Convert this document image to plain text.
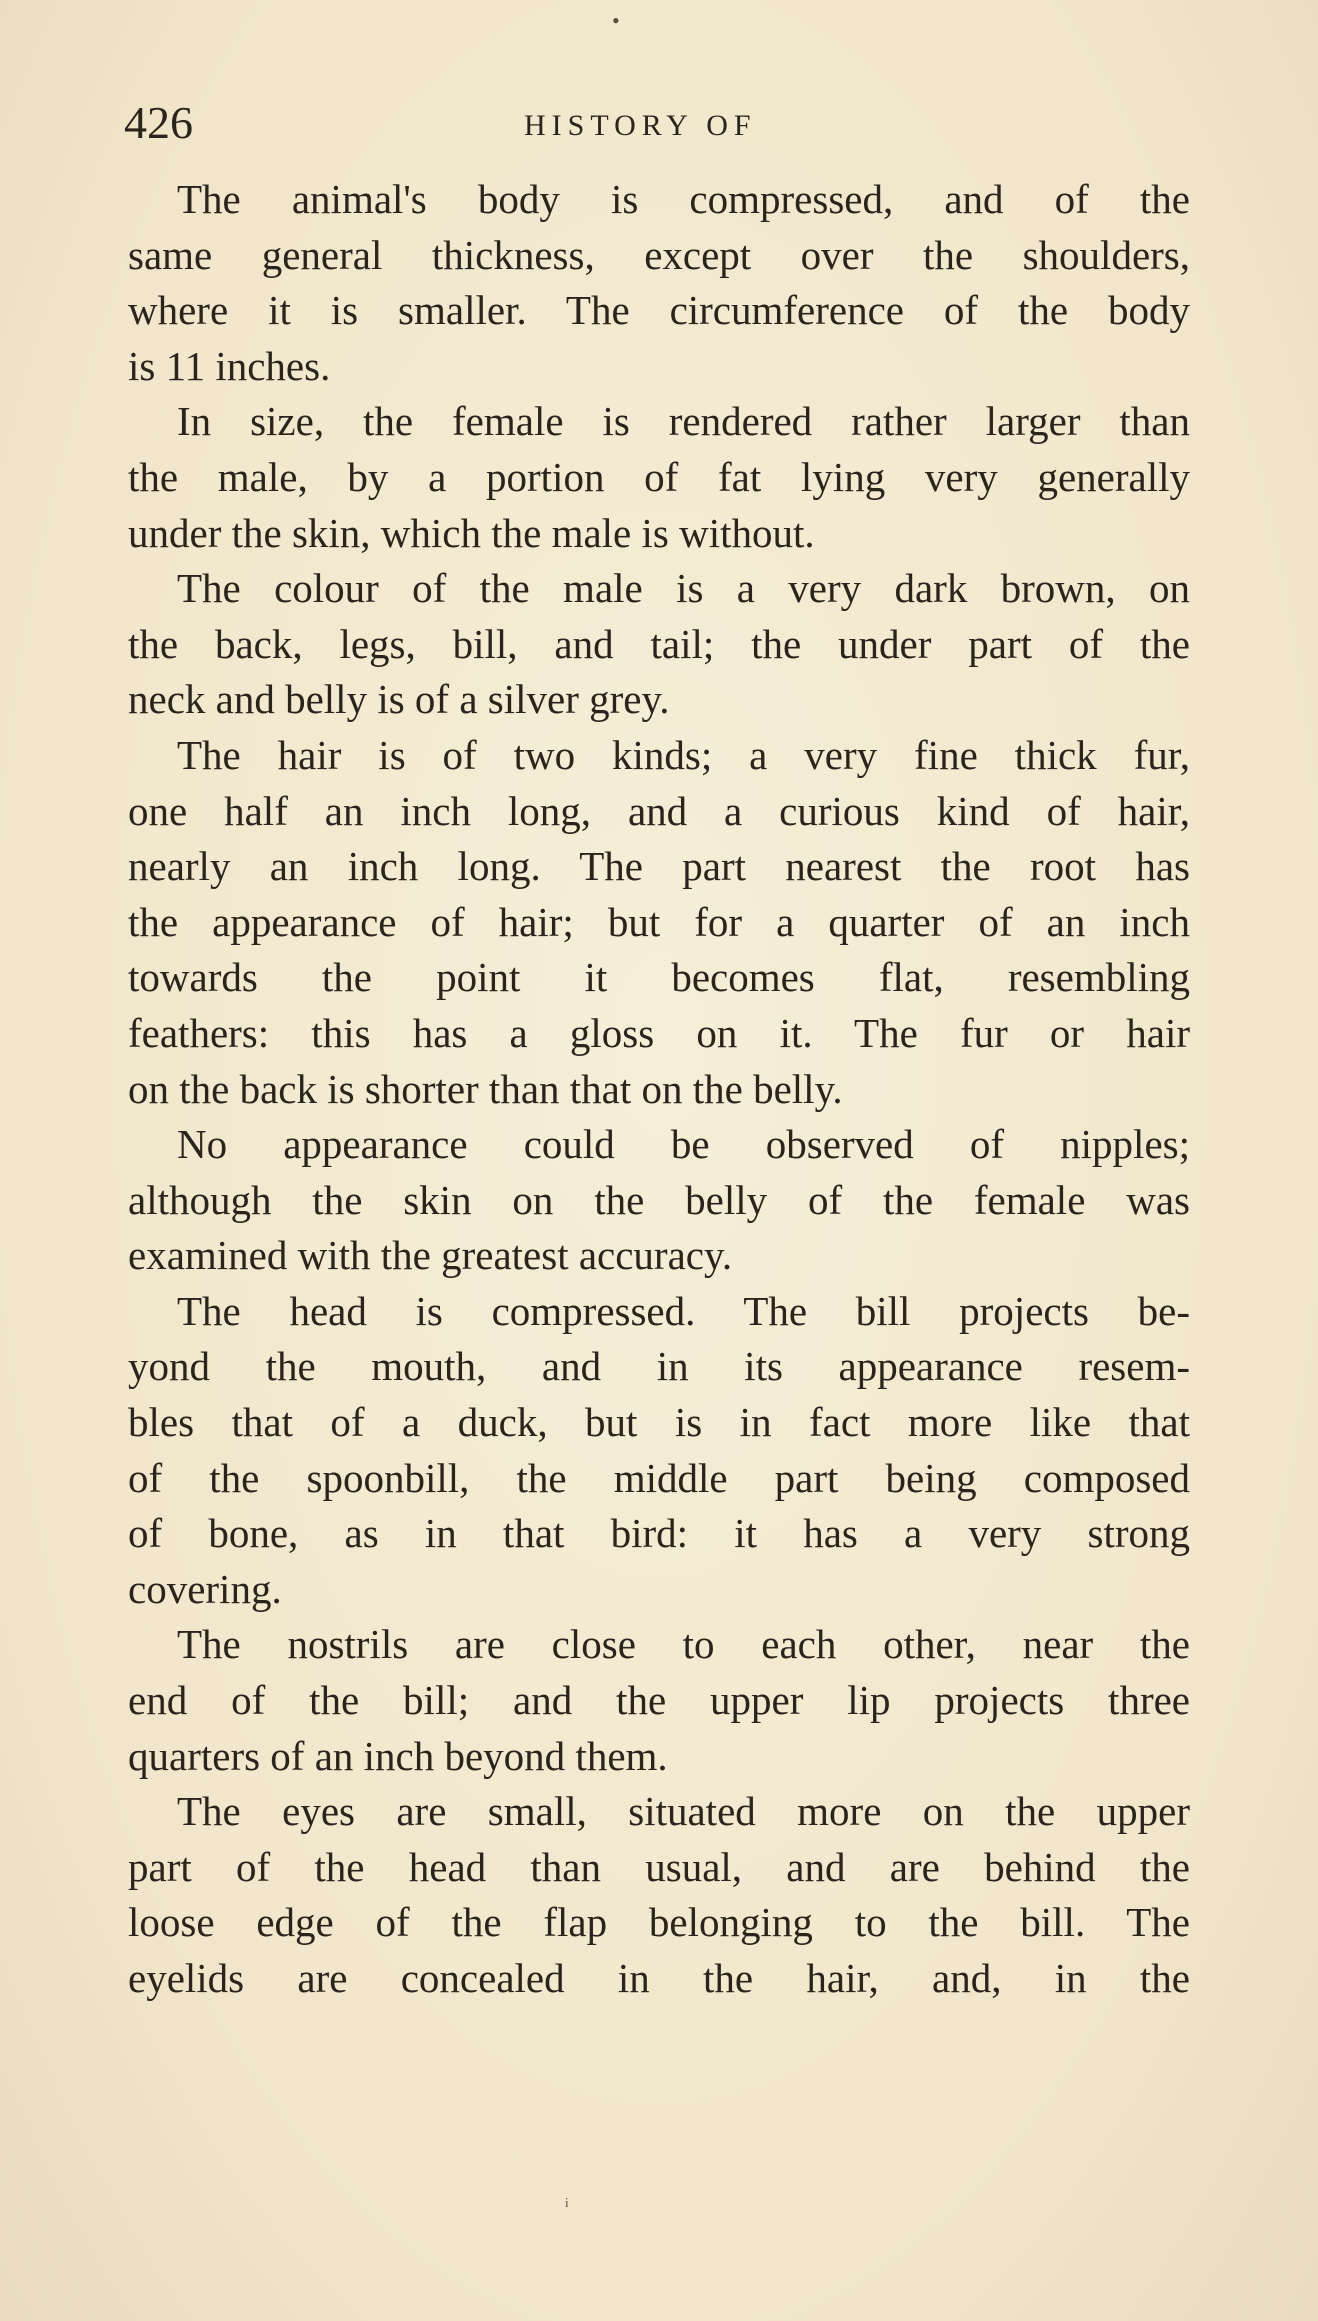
•
426	HISTORY OF
The animal's body is compressed, and of the
same general thickness, except over the shoulders,
where it is smaller. The circumference of the body
is 11 inches.
In size, the female is rendered rather larger than
the male, by a portion of fat lying very generally
under the skin, which the male is without.
The colour of the male is a very dark brown, on
the back, legs, bill, and tail; the under part of the
neck and belly is of a silver grey.
The hair is of two kinds; a very fine thick fur,
one half an inch long, and a curious kind of hair,
nearly an inch long. The part nearest the root has
the appearance of hair; but for a quarter of an inch
towards the point it becomes flat, resembling
feathers: this has a gloss on it. The fur or hair
on the back is shorter than that on the belly.
No appearance could be observed of nipples;
although the skin on the belly of the female was
examined with the greatest accuracy.
The head is compressed. The bill projects be-
yond the mouth, and in its appearance resem-
bles that of a duck, but is in fact more like that
of the spoonbill, the middle part being composed
of bone, as in that bird: it has a very strong
covering.
The nostrils are close to each other, near the
end of the bill; and the upper lip projects three
quarters of an inch beyond them.
The eyes are small, situated more on the upper
part of the head than usual, and are behind the
loose edge of the flap belonging to the bill. The
eyelids are concealed in the hair, and, in the
ᵢ
